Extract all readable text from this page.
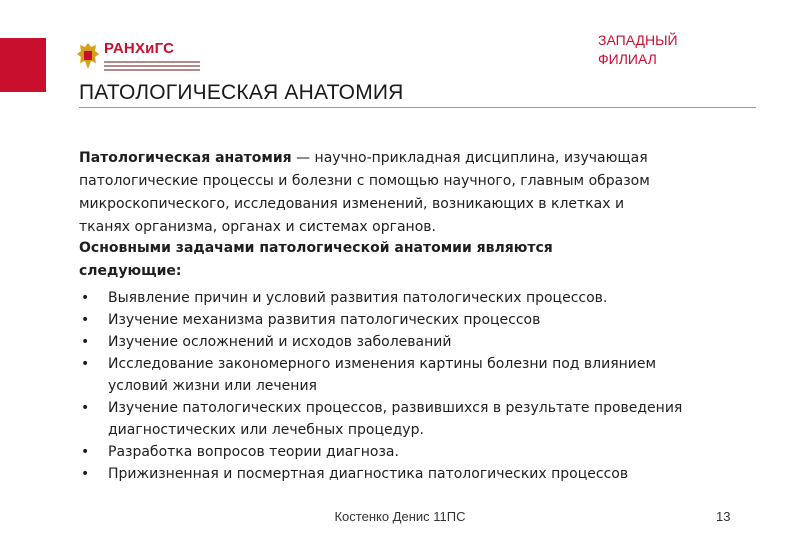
РАНХиГС	ЗАПАДНЫЙ
ФИЛИАЛ
ПАТОЛОГИЧЕСКАЯ АНАТОМИЯ

Патологическая анатомия — научно-прикладная дисциплина, изучающая патологические процессы и болезни с помощью научного, главным образом микроскопического, исследования изменений, возникающих в клетках и тканях организма, органах и системах органов.

Основными задачами патологической анатомии являются следующие:

• Выявление причин и условий развития патологических процессов.
• Изучение механизма развития патологических процессов
• Изучение осложнений и исходов заболеваний
• Исследование закономерного изменения картины болезни под влиянием условий жизни или лечения
• Изучение патологических процессов, развившихся в результате проведения диагностических или лечебных процедур.
• Разработка вопросов теории диагноза.
• Прижизненная и посмертная диагностика патологических процессов
Костенко Денис 11ПС	13
